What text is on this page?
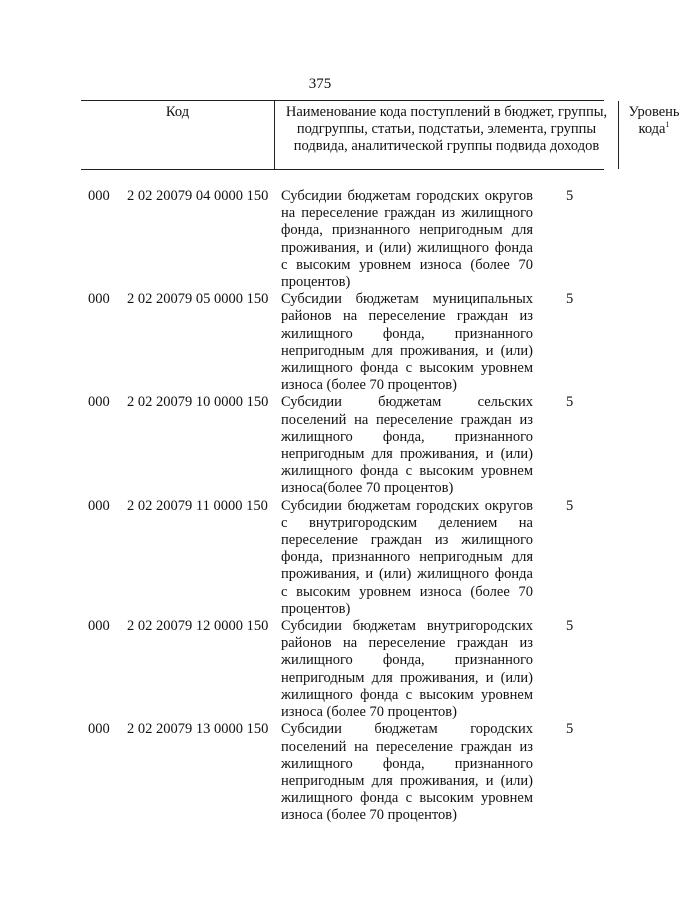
375
Код	Наименование кода поступлений в бюджет, группы, подгруппы, статьи, подстатьи, элемента, группы подвида, аналитической группы подвида доходов
Уровень кода$^1$
000 2 02 20079 04 0000 150 Субсидии бюджетам городских округов на переселение граждан из жилищного фонда, признанного непригодным для проживания, и (или) жилищного фонда с высоким уровнем износа (более 70 процентов)
5
000 2 02 20079 05 0000 150 Субсидии бюджетам муниципальных районов на переселение граждан из жилищного фонда, признанного непригодным для проживания, и (или) жилищного фонда с высоким уровнем износа (более 70 процентов)
5
000 2 02 20079 10 0000 150 Субсидии бюджетам сельских поселений на переселение граждан из жилищного фонда, признанного непригодным для проживания, и (или) жилищного фонда с высоким уровнем износа(более 70 процентов)
5
000 2 02 20079 11 0000 150 Субсидии бюджетам городских округов с внутригородским делением на переселение граждан из жилищного фонда, признанного непригодным для проживания, и (или) жилищного фонда с высоким уровнем износа (более 70 процентов)
5
000 2 02 20079 12 0000 150 Субсидии бюджетам внутригородских районов на переселение граждан из жилищного фонда, признанного непригодным для проживания, и (или) жилищного фонда с высоким уровнем износа (более 70 процентов)
5
000 2 02 20079 13 0000 150 Субсидии бюджетам городских поселений на переселение граждан из жилищного фонда, признанного непригодным для проживания, и (или) жилищного фонда с высоким уровнем износа (более 70 процентов)
5
